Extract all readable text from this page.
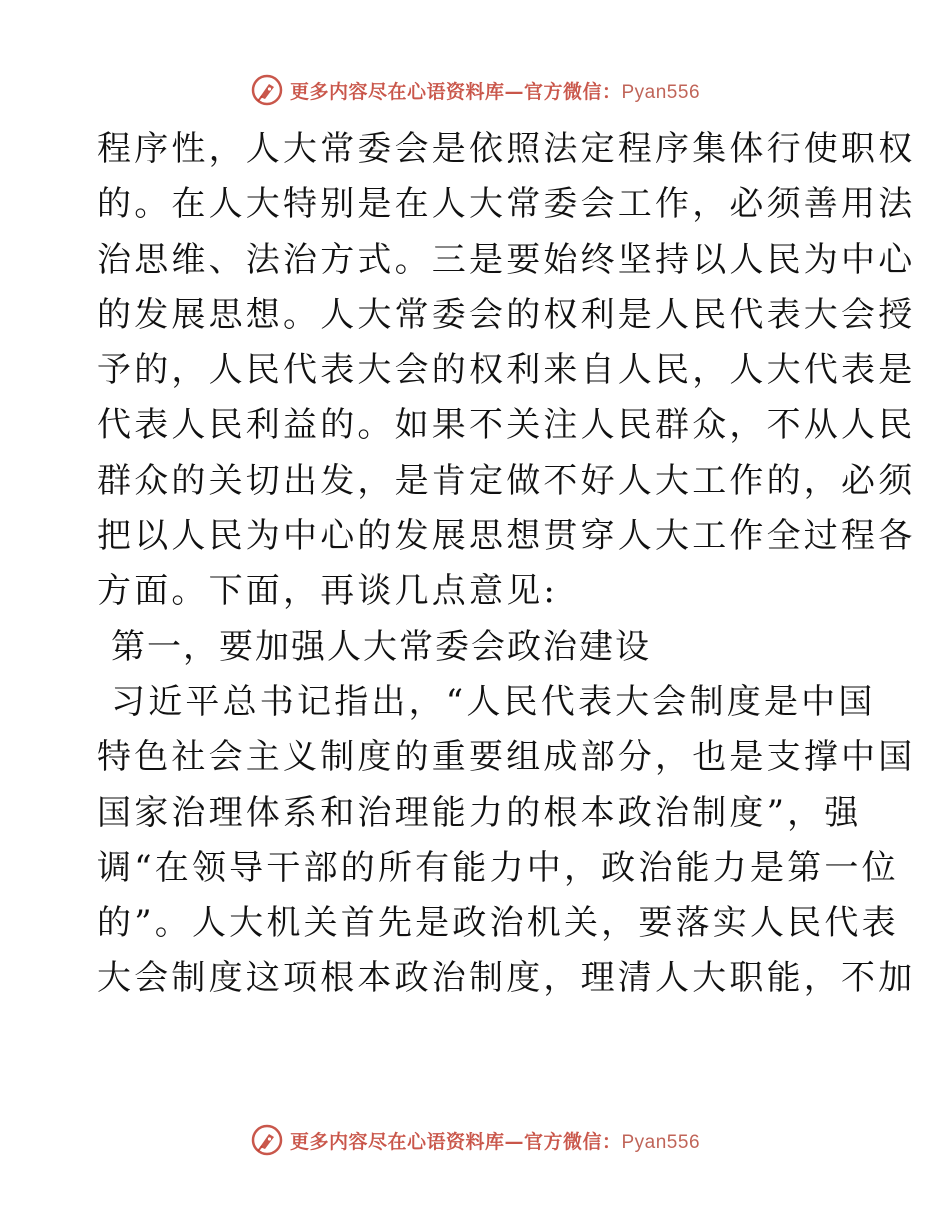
更多内容尽在心语资料库—官方微信：Pyan556
程序性，人大常委会是依照法定程序集体行使职权
的。在人大特别是在人大常委会工作，必须善用法
治思维、法治方式。三是要始终坚持以人民为中心
的发展思想。人大常委会的权利是人民代表大会授
予的，人民代表大会的权利来自人民，人大代表是
代表人民利益的。如果不关注人民群众，不从人民
群众的关切出发，是肯定做不好人大工作的，必须
把以人民为中心的发展思想贯穿人大工作全过程各
方面。下面，再谈几点意见:
第一，要加强人大常委会政治建设
习近平总书记指出，“人民代表大会制度是中国
特色社会主义制度的重要组成部分，也是支撑中国
国家治理体系和治理能力的根本政治制度”，强
调“在领导干部的所有能力中，政治能力是第一位
的”。人大机关首先是政治机关，要落实人民代表
大会制度这项根本政治制度，理清人大职能，不加
更多内容尽在心语资料库—官方微信：Pyan556
